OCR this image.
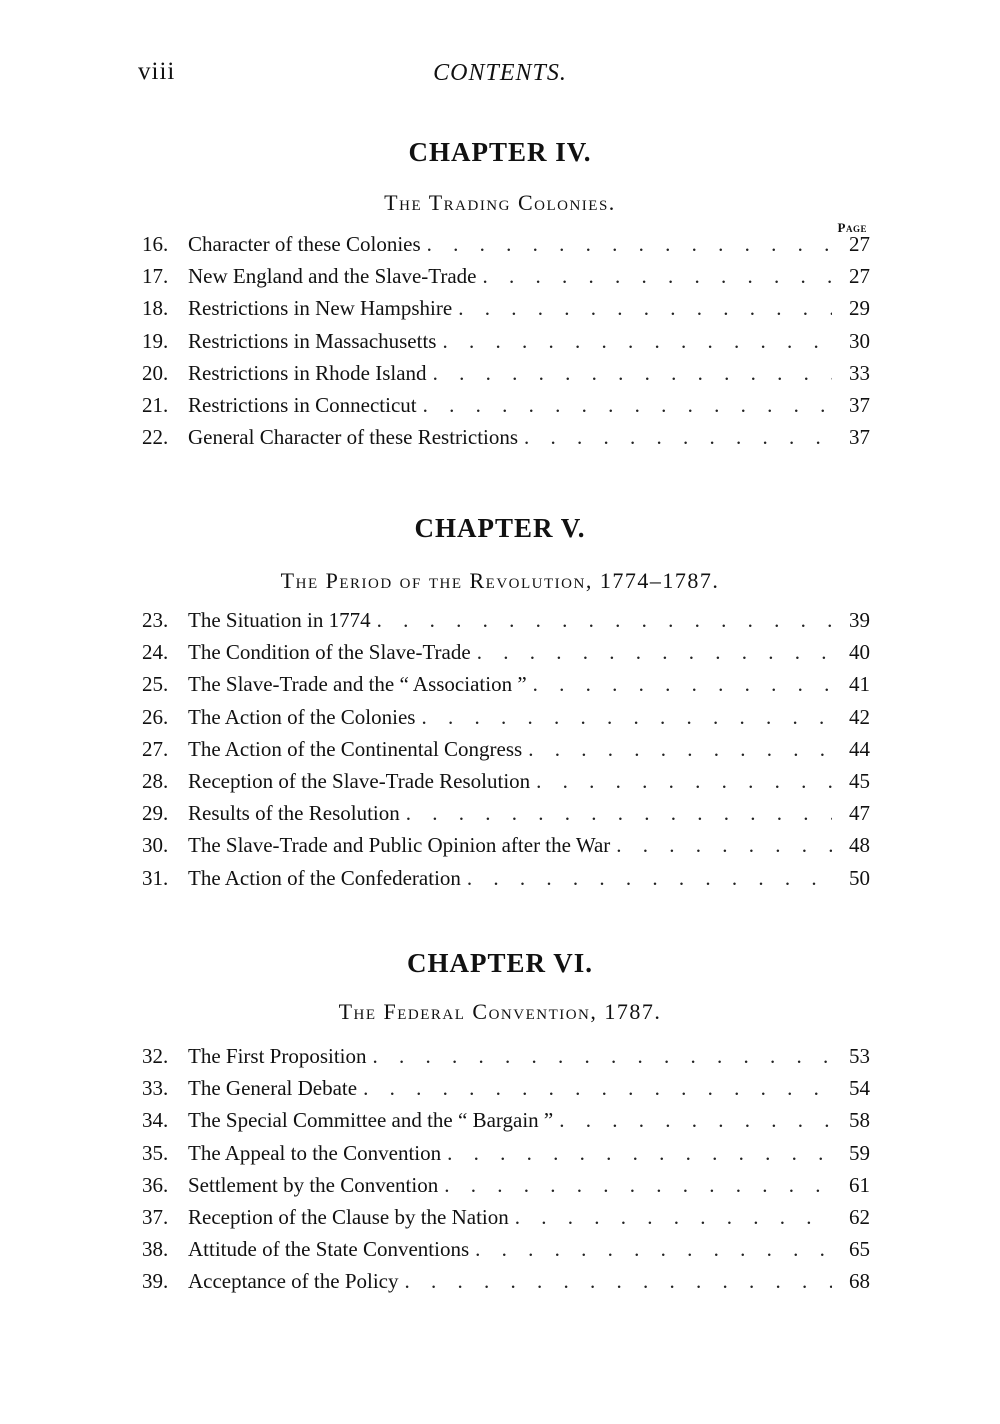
viii	CONTENTS.
CHAPTER IV.
The Trading Colonies.
Page
16. Character of these Colonies . . .	27
17. New England and the Slave-Trade . . .	27
18. Restrictions in New Hampshire . . .	29
19. Restrictions in Massachusetts . . .	30
20. Restrictions in Rhode Island . . .	33
21. Restrictions in Connecticut . . .	37
22. General Character of these Restrictions . . .	37
CHAPTER V.
The Period of the Revolution, 1774–1787.
23. The Situation in 1774 . . .	39
24. The Condition of the Slave-Trade . . .	40
25. The Slave-Trade and the “ Association ” . . .	41
26. The Action of the Colonies . . .	42
27. The Action of the Continental Congress . . .	44
28. Reception of the Slave-Trade Resolution . . .	45
29. Results of the Resolution . . .	47
30. The Slave-Trade and Public Opinion after the War . . .	48
31. The Action of the Confederation . . .	50
CHAPTER VI.
The Federal Convention, 1787.
32. The First Proposition . . .	53
33. The General Debate . . .	54
34. The Special Committee and the “ Bargain ” . . .	58
35. The Appeal to the Convention . . .	59
36. Settlement by the Convention . . .	61
37. Reception of the Clause by the Nation . . .	62
38. Attitude of the State Conventions . . .	65
39. Acceptance of the Policy . . .	68
